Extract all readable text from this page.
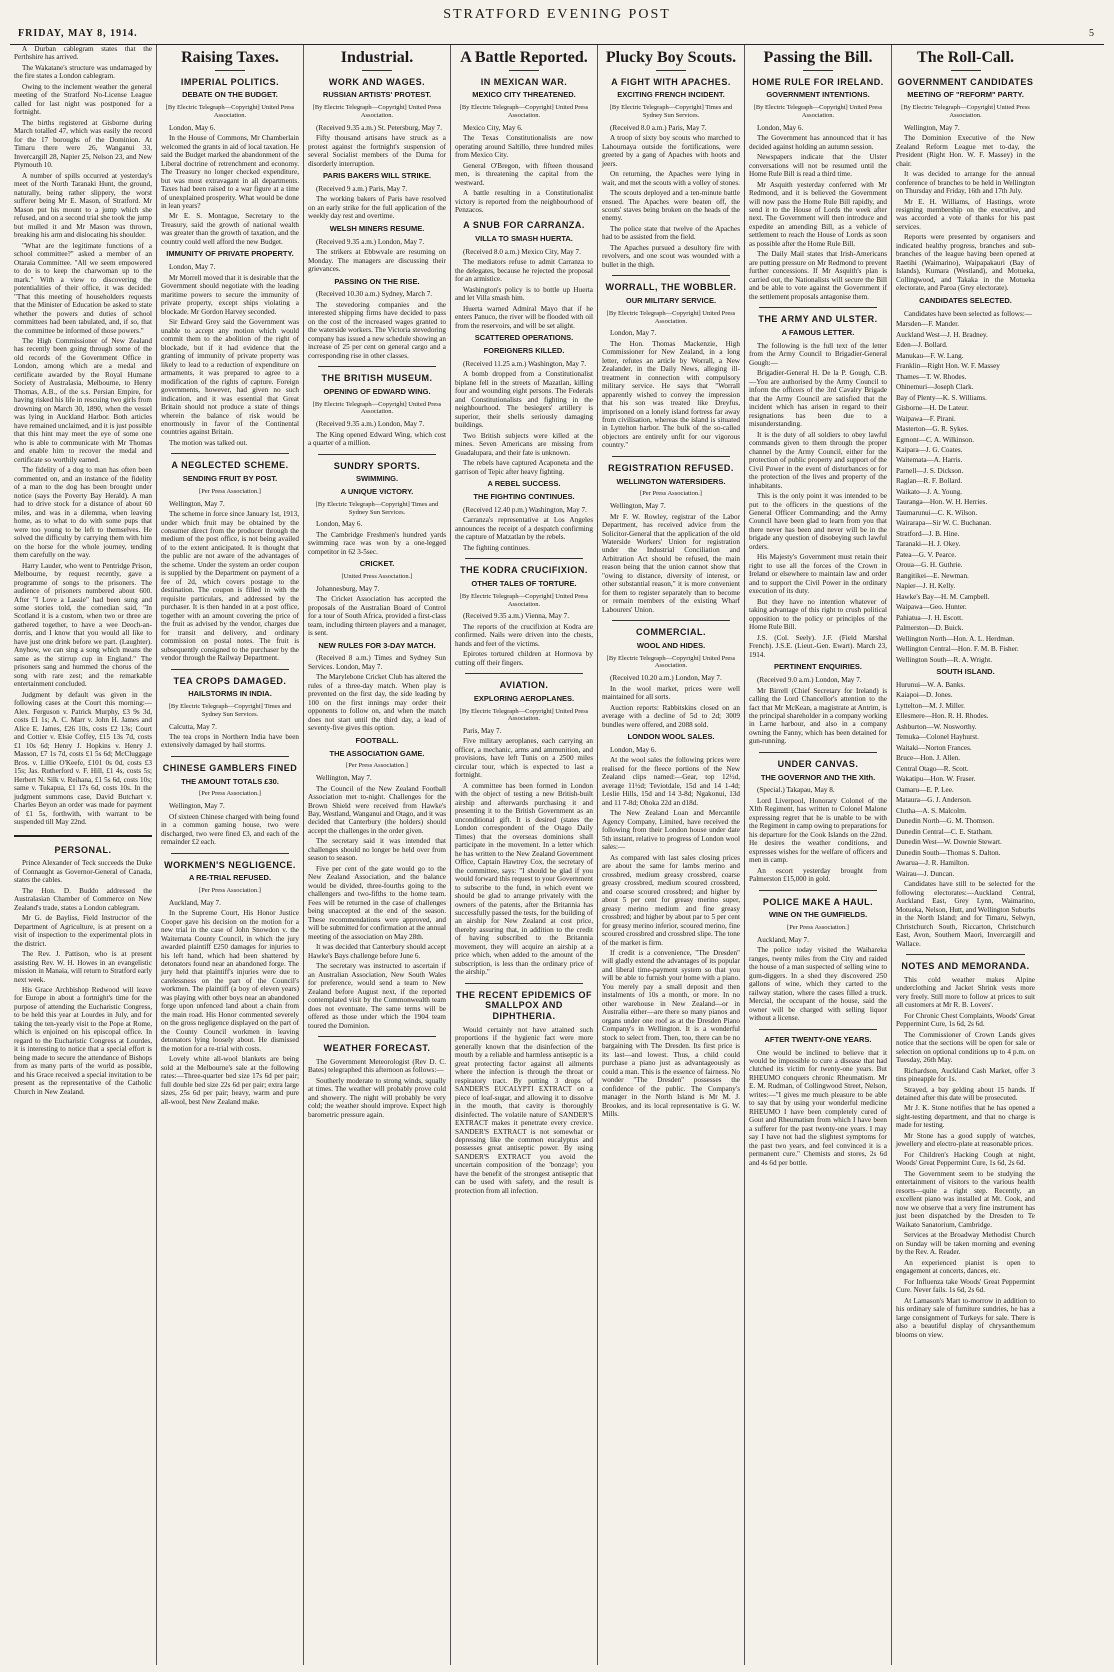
FRIDAY, MAY 8, 1914.
STRATFORD EVENING POST
5

A Durban cablegram states that the Perthshire has arrived.

The Wakatane's structure was undamaged by the fire states a London cablegram.

Owing to the inclement weather the general meeting of the Stratford No-License League called for last night was postponed for a fortnight.

The births registered at Gisborne during March totalled 47, which was easily the record for the 17 boroughs of the Dominion. At Timaru there were 26, Wanganui 33, Invercargill 28, Napier 25, Nelson 23, and New Plymouth 10.

A number of spills occurred at yesterday's meet of the North Taranaki Hunt, the ground, naturally, being rather slippery, the worst sufferer being Mr E. Mason, of Stratford. Mr Mason put his mount to a jump which she refused, and on a second trial she took the jump but mulled it and Mr Mason was thrown, breaking his arm and dislocating his shoulder.

"What are the legitimate functions of a school committee?" asked a member of an Otaraia Committee. "All we seem empowered to do is to keep the charwoman up to the mark." With a view to discovering the potentialities of their office, it was decided: "That this meeting of householders requests that the Minister of Education be asked to state whether the powers and duties of school committees had been tabulated, and, if so, that the committee be informed of those powers."

The High Commissioner of New Zealand has recently been going through some of the old records of the Government Office in London, among which are a medal and certificate awarded by the Royal Humane Society of Australasia, Melbourne, to Henry Thomas, A.B., of the s.s. Persian Empire, for having risked his life in rescuing two girls from drowning on March 30, 1890, when the vessel was lying in Auckland Harbor. Both articles have remained unclaimed, and it is just possible that this hint may meet the eye of some one who is able to communicate with Mr Thomas and enable him to recover the medal and certificate so worthily earned.

The fidelity of a dog to man has often been commented on, and an instance of the fidelity of a man to the dog has been brought under notice (says the Poverty Bay Herald). A man had to drive stock for a distance of about 60 miles, and was in a dilemma, when leaving home, as to what to do with some pups that were too young to be left to themselves. He solved the difficulty by carrying them with him on the horse for the whole journey, tending them carefully on the way.

Harry Lauder, who went to Pentridge Prison, Melbourne, by request recently, gave a programme of songs to the prisoners. The audience of prisoners numbered about 600. After "I Love a Lassie" had been sung and some stories told, the comedian said, "In Scotland it is a custom, when two or three are gathered together, to have a wee Deoch-an-dorris, and I know that you would all like to have just one drink before we part. (Laughter). Anyhow, we can sing a song which means the same as the stirrup cup in England." The prisoners sang and hummed the chorus of the song with rare zest; and the remarkable entertainment concluded.

Judgment by default was given in the following cases at the Court this morning:—Alex. Ferguson v. Patrick Murphy, £3 9s 3d, costs £1 1s; A. C. Marr v. John H. James and Alice E. James, £26 10s, costs £2 13s; Court and Cottier v. Elsie Coffey, £15 13s 7d, costs £1 10s 6d; Henry J. Hopkins v. Henry J. Masson, £7 1s 7d, costs £1 5s 6d; McCluggage Bros. v. Lillie O'Keefe, £101 0s 0d, costs £3 15s; Jas. Rutherford v. F. Hill, £1 4s, costs 5s; Herbert N. Silk v. Reihana, £1 5s 6d, costs 10s; same v. Tukapua, £1 17s 6d, costs 10s. In the judgment summons case, David Butchart v. Charles Beyon an order was made for payment of £1 5s, forthwith, with warrant to be suspended till May 22nd.

PERSONAL.

Prince Alexander of Teck succeeds the Duke of Connaught as Governor-General of Canada, states the cables.

The Hon. D. Buddo addressed the Australasian Chamber of Commerce on New Zealand's trade, states a London cablegram.

Mr G. de Bayliss, Field Instructor of the Department of Agriculture, is at present on a visit of inspection to the experimental plots in the district.

The Rev. J. Pattison, who is at present assisting Rev. W. H. Howes in an evangelistic mission in Manaia, will return to Stratford early next week.

His Grace Archbishop Redwood will leave for Europe in about a fortnight's time for the purpose of attending the Eucharistic Congress, to be held this year at Lourdes in July, and for taking the ten-yearly visit to the Pope at Rome, which is enjoined on his episcopal office. In regard to the Eucharistic Congress at Lourdes, it is interesting to notice that a special effort is being made to secure the attendance of Bishops from as many parts of the world as possible, and his Grace received a special invitation to be present as the representative of the Catholic Church in New Zealand.

Raising Taxes.
IMPERIAL POLITICS.
DEBATE ON THE BUDGET.
[By Electric Telegraph—Copyright] United Press Association.

London, May 6.

In the House of Commons, Mr Chamberlain welcomed the grants in aid of local taxation. He said the Budget marked the abandonment of the Liberal doctrine of retrenchment and economy. The Treasury no longer checked expenditure, but was most extravagant in all departments. Taxes had been raised to a war figure at a time of unexplained prosperity. What would be done in lean years?

Mr E. S. Montague, Secretary to the Treasury, said the growth of national wealth was greater than the growth of taxation, and the country could well afford the new Budget.

IMMUNITY OF PRIVATE PROPERTY.

London, May 7.

Mr Morrell moved that it is desirable that the Government should negotiate with the leading maritime powers to secure the immunity of private property, except ships violating a blockade. Mr Gordon Harvey seconded.

Sir Edward Grey said the Government was unable to accept any motion which would commit them to the abolition of the right of blockade, but if it had evidence that the granting of immunity of private property was likely to lead to a reduction of expenditure on armaments, it was prepared to agree to a modification of the rights of capture. Foreign governments, however, had given no such indication, and it was essential that Great Britain should not produce a state of things wherein the balance of risk would be enormously in favor of the Continental countries against Britain.

The motion was talked out.

A NEGLECTED SCHEME.
SENDING FRUIT BY POST.
[Per Press Association.]

Wellington, May 7.

The scheme in force since January 1st, 1913, under which fruit may be obtained by the consumer direct from the producer through the medium of the post office, is not being availed of to the extent anticipated. It is thought that the public are not aware of the advantages of the scheme. Under the system an order coupon is supplied by the Department on payment of a fee of 2d, which covers postage to the destination. The coupon is filled in with the requisite particulars, and addressed by the purchaser. It is then handed in at a post office, together with an amount covering the price of the fruit as advised by the vendor, charges due for transit and delivery, and ordinary commission on postal notes. The fruit is subsequently consigned to the purchaser by the vendor through the Railway Department.

TEA CROPS DAMAGED.
HAILSTORMS IN INDIA.
[By Electric Telegraph—Copyright] Times and Sydney Sun Services.

Calcutta, May 7.

The tea crops in Northern India have been extensively damaged by hail storms.

CHINESE GAMBLERS FINED
THE AMOUNT TOTALS £30.
[Per Press Association.]

Wellington, May 7.

Of sixteen Chinese charged with being found in a common gaming house, two were discharged, two were fined £3, and each of the remainder £2 each.

WORKMEN'S NEGLIGENCE.
A RE-TRIAL REFUSED.
[Per Press Association.]

Auckland, May 7.

In the Supreme Court, His Honor Justice Cooper gave his decision on the motion for a new trial in the case of John Snowdon v. the Waitemata County Council, in which the jury awarded plaintiff £250 damages for injuries to his left hand, which had been shattered by detonators found near an abandoned forge. The jury held that plaintiff's injuries were due to carelessness on the part of the Council's workmen. The plaintiff (a boy of eleven years) was playing with other boys near an abandoned forge upon unfenced land about a chain from the main road. His Honor commented severely on the gross negligence displayed on the part of the County Council workmen in leaving detonators lying loosely about. He dismissed the motion for a re-trial with costs.

Lovely white all-wool blankets are being sold at the Melbourne's sale at the following rates:—Three-quarter bed size 17s 6d per pair; full double bed size 22s 6d per pair; extra large sizes, 25s 6d per pair; heavy, warm and pure all-wool, best New Zealand make.

Industrial.
WORK AND WAGES.
RUSSIAN ARTISTS' PROTEST.
[By Electric Telegraph—Copyright] United Press Association.

(Received 9.35 a.m.) St. Petersburg, May 7.

Fifty thousand artisans have struck as a protest against the fortnight's suspension of several Socialist members of the Duma for disorderly interruption.

PARIS BAKERS WILL STRIKE.

(Received 9 a.m.) Paris, May 7.

The working bakers of Paris have resolved on an early strike for the full application of the weekly day rest and overtime.

WELSH MINERS RESUME.

(Received 9.35 a.m.) London, May 7.

The strikers at Ebbwvale are resuming on Monday. The managers are discussing their grievances.

PASSING ON THE RISE.

(Received 10.30 a.m.) Sydney, March 7.

The stevedoring companies and the interested shipping firms have decided to pass on the cost of the increased wages granted to the waterside workers. The Victoria stevedoring company has issued a new schedule showing an increase of 25 per cent on general cargo and a corresponding rise in other classes.

THE BRITISH MUSEUM.
OPENING OF EDWARD WING.
[By Electric Telegraph—Copyright] United Press Association.

(Received 9.35 a.m.) London, May 7.

The King opened Edward Wing, which cost a quarter of a million.

SUNDRY SPORTS.
SWIMMING.
A UNIQUE VICTORY.
[By Electric Telegraph—Copyright] Times and Sydney Sun Services.

London, May 6.

The Cambridge Freshmen's hundred yards swimming race was won by a one-legged competitor in 62 3-5sec.

CRICKET.
[United Press Association.]

Johannesburg, May 7.

The Cricket Association has accepted the proposals of the Australian Board of Control for a tour of South Africa, provided a first-class team, including thirteen players and a manager, is sent.

NEW RULES FOR 3-DAY MATCH.

(Received 8 a.m.) Times and Sydney Sun Services. London, May 7.

The Marylebone Cricket Club has altered the rules of a three-day match. When play is prevented on the first day, the side leading by 100 on the first innings may order their opponents to follow on, and when the match does not start until the third day, a lead of seventy-five gives this option.

FOOTBALL.
THE ASSOCIATION GAME.
[Per Press Association.]

Wellington, May 7.

The Council of the New Zealand Football Association met to-night. Challenges for the Brown Shield were received from Hawke's Bay, Westland, Wanganui and Otago, and it was decided that Canterbury (the holders) should accept the challenges in the order given.

The secretary said it was intended that challenges should no longer be held over from season to season.

Five per cent of the gate would go to the New Zealand Association, and the balance would be divided, three-fourths going to the challengers and two-fifths to the home team. Fees will be returned in the case of challenges being unaccepted at the end of the season. These recommendations were approved, and will be submitted for confirmation at the annual meeting of the association on May 28th.

It was decided that Canterbury should accept Hawke's Bays challenge before June 6.

The secretary was instructed to ascertain if an Australian Association, New South Wales for preference, would send a team to New Zealand before August next, if the reported contemplated visit by the Commonwealth team does not eventuate. The same terms will be offered as those under which the 1904 team toured the Dominion.

WEATHER FORECAST.

The Government Meteorologist (Rev D. C. Bates) telegraphed this afternoon as follows:—

Southerly moderate to strong winds, squally at times. The weather will probably prove cold and showery. The night will probably be very cold; the weather should improve. Expect high barometric pressure again.

A Battle Reported.
IN MEXICAN WAR.
MEXICO CITY THREATENED.
[By Electric Telegraph—Copyright] United Press Association.

Mexico City, May 6.

The Texas Constitutionalists are now operating around Saltillo, three hundred miles from Mexico City.

General O'Bregon, with fifteen thousand men, is threatening the capital from the westward.

A battle resulting in a Constitutionalist victory is reported from the neighbourhood of Penzacos.

A SNUB FOR CARRANZA.
VILLA TO SMASH HUERTA.

(Received 8.0 a.m.) Mexico City, May 7.

The mediators refuse to admit Carranza to the delegates, because he rejected the proposal for an armistice.

Washington's policy is to bottle up Huerta and let Villa smash him.

Huerta warned Admiral Mayo that if he enters Panuco, the river will be flooded with oil from the reservoirs, and will be set alight.

SCATTERED OPERATIONS.
FOREIGNERS KILLED.

(Received 11.25 a.m.) Washington, May 7.

A bomb dropped from a Constitutionalist biplane fell in the streets of Mazatlan, killing four and wounding eight persons. The Federals and Constitutionalists and fighting in the neighbourhood. The besiegers' artillery is superior, their shells seriously damaging buildings.

Two British subjects were killed at the mines. Seven Americans are missing from Guadalupara, and their fate is unknown.

The rebels have captured Acaponeta and the garrison of Tepic after heavy fighting.

A REBEL SUCCESS.
THE FIGHTING CONTINUES.

(Received 12.40 p.m.) Washington, May 7.

Carranza's representative at Los Angeles announces the receipt of a despatch confirming the capture of Matzatlan by the rebels.

The fighting continues.

THE KODRA CRUCIFIXION.
OTHER TALES OF TORTURE.
[By Electric Telegraph—Copyright] United Press Association.

(Received 9.35 a.m.) Vienna, May 7.

The reports of the crucifixion at Kodra are confirmed. Nails were driven into the chests, hands and feet of the victims.

Epirotes tortured children at Hormova by cutting off their fingers.

AVIATION.
EXPLORING AEROPLANES.
[By Electric Telegraph—Copyright] United Press Association.

Paris, May 7.

Five military aeroplanes, each carrying an officer, a mechanic, arms and ammunition, and provisions, have left Tunis on a 2500 miles circular tour, which is expected to last a fortnight.

A committee has been formed in London with the object of testing a new British-built airship and afterwards purchasing it and presenting it to the British Government as an unconditional gift. It is desired (states the London correspondent of the Otago Daily Times) that the overseas dominions shall participate in the movement. In a letter which he has written to the New Zealand Government Office, Captain Hawtrey Cox, the secretary of the committee, says: "I should be glad if you would forward this request to your Government to subscribe to the fund, in which event we should be glad to arrange privately with the owners of the patents, after the Britannia has successfully passed the tests, for the building of an airship for New Zealand at cost price, thereby assuring that, in addition to the credit of having subscribed to the Britannia movement, they will acquire an airship at a price which, when added to the amount of the subscription, is less than the ordinary price of the airship."

THE RECENT EPIDEMICS OF SMALLPOX AND DIPHTHERIA.

Would certainly not have attained such proportions if the hygienic fact were more generally known that the disinfection of the mouth by a reliable and harmless antiseptic is a great protecting factor against all ailments where the infection is through the throat or respiratory tract. By putting 3 drops of SANDER'S EUCALYPTI EXTRACT on a piece of loaf-sugar, and allowing it to dissolve in the mouth, that cavity is thoroughly disinfected. The volatile nature of SANDER'S EXTRACT makes it penetrate every crevice. SANDER'S EXTRACT is not somewhat or depressing like the common eucalyptus and possesses great antiseptic power. By using SANDER'S EXTRACT you avoid the uncertain composition of the 'bonzage'; you have the benefit of the strongest antiseptic that can be used with safety, and the result is protection from all infection.

Plucky Boy Scouts.
A FIGHT WITH APACHES.
EXCITING FRENCH INCIDENT.
[By Electric Telegraph—Copyright] Times and Sydney Sun Services.

(Received 8.0 a.m.) Paris, May 7.

A troop of sixty boy scouts who marched to Lahournaya outside the fortifications, were greeted by a gang of Apaches with hoots and jeers.

On returning, the Apaches were lying in wait, and met the scouts with a volley of stones.

The scouts deployed and a ten-minute battle ensued. The Apaches were beaten off, the scouts' staves being broken on the heads of the enemy.

The police state that twelve of the Apaches had to be assisted from the field.

The Apaches pursued a desultory fire with revolvers, and one scout was wounded with a bullet in the thigh.

WORRALL, THE WOBBLER.
OUR MILITARY SERVICE.
[By Electric Telegraph—Copyright] United Press Association.

London, May 7.

The Hon. Thomas Mackenzie, High Commissioner for New Zealand, in a long letter, refutes an article by Worrall, a New Zealander, in the Daily News, alleging ill-treatment in connection with compulsory military service. He says that "Worrall apparently wished to convey the impression that his son was treated like Dreyfus, imprisoned on a lonely island fortress far away from civilisation, whereas the island is situated in Lyttelton harbor. The bulk of the so-called objectors are entirely unfit for our vigorous country."

REGISTRATION REFUSED.
WELLINGTON WATERSIDERS.
[Per Press Association.]

Wellington, May 7.

Mr F. W. Rowley, registrar of the Labor Department, has received advice from the Solicitor-General that the application of the old Waterside Workers' Union for registration under the Industrial Conciliation and Arbitration Act should be refused, the main reason being that the union cannot show that "owing to distance, diversity of interest, or other substantial reason," it is more convenient for them to register separately than to become or remain members of the existing Wharf Labourers' Union.

COMMERCIAL.
WOOL AND HIDES.
[By Electric Telegraph—Copyright] United Press Association.

(Received 10.20 a.m.) London, May 7.

In the wool market, prices were well maintained for all sorts.

Auction reports: Rabbitskins closed on an average with a decline of 5d to 2d; 3009 bundles were offered, and 2088 sold.

LONDON WOOL SALES.

London, May 6.

At the wool sales the following prices were realised for the fleece portions of the New Zealand clips named:—Gear, top 12½d, average 11½d; Teviotdale, 15d and 14 1-4d; Leslie Hills, 15d and 14 3-8d; Ngakonui, 13d and 11 7-8d; Ohoka 22d an d18d.

The New Zealand Loan and Mercantile Agency Company, Limited, have received the following from their London house under date 5th instant, relative to progress of London wool sales:—

As compared with last sales closing prices are about the same for lambs merino and crossbred, medium greasy crossbred, coarse greasy crossbred, medium scoured crossbred, and coarse scoured crossbred; and higher by about 5 per cent for greasy merino super, greasy merino medium and fine greasy crossbred; and higher by about par to 5 per cent for greasy merino inferior, scoured merino, fine scoured crossbred and crossbred slipe. The tone of the market is firm.

If credit is a convenience, "The Dresden" will gladly extend the advantages of its popular and liberal time-payment system so that you will be able to furnish your home with a piano. You merely pay a small deposit and then instalments of 10s a month, or more. In no other warehouse in New Zealand—or in Australia either—are there so many pianos and organs under one roof as at the Dresden Piano Company's in Wellington. It is a wonderful stock to select from. Then, too, there can be no bargaining with The Dresden. Its first price is its last—and lowest. Thus, a child could purchase a piano just as advantageously as could a man. This is the essence of fairness. No wonder "The Dresden" possesses the confidence of the public. The Company's manager in the North Island is Mr M. J. Brookes, and its local representative is G. W. Mills.

Passing the Bill.
HOME RULE FOR IRELAND.
GOVERNMENT INTENTIONS.
[By Electric Telegraph—Copyright] United Press Association.

London, May 6.

The Government has announced that it has decided against holding an autumn session.

Newspapers indicate that the Ulster conversations will not be resumed until the Home Rule Bill is read a third time.

Mr Asquith yesterday conferred with Mr Redmond, and it is believed the Government will now pass the Home Rule Bill rapidly, and send it to the House of Lords the week after next. The Government will then introduce and expedite an amending Bill, as a vehicle of settlement to reach the House of Lords as soon as possible after the Home Rule Bill.

The Daily Mail states that Irish-Americans are putting pressure on Mr Redmond to prevent further concessions. If Mr Asquith's plan is carried out, the Nationalists will secure the Bill and be able to vote against the Government if the settlement proposals antagonise them.

THE ARMY AND ULSTER.
A FAMOUS LETTER.

The following is the full text of the letter from the Army Council to Brigadier-General Gough:—

Brigadier-General H. De la P. Gough, C.B.—You are authorised by the Army Council to inform the officers of the 3rd Cavalry Brigade that the Army Council are satisfied that the incident which has arisen in regard to their resignations has been due to a misunderstanding.

It is the duty of all soldiers to obey lawful commands given to them through the proper channel by the Army Council, either for the protection of public property and support of the Civil Power in the event of disturbances or for the protection of the lives and property of the inhabitants.

This is the only point it was intended to be put to the officers in the questions of the General Officer Commanding; and the Army Council have been glad to learn from you that there never has been and never will be in the brigade any question of disobeying such lawful orders.

His Majesty's Government must retain their right to use all the forces of the Crown in Ireland or elsewhere to maintain law and order and to support the Civil Power in the ordinary execution of its duty.

But they have no intention whatever of taking advantage of this right to crush political opposition to the policy or principles of the Home Rule Bill.

J.S. (Col. Seely). J.F. (Field Marshal French). J.S.E. (Lieut.-Gen. Ewart). March 23, 1914.

PERTINENT ENQUIRIES.

(Received 9.0 a.m.) London, May 7.

Mr Birrell (Chief Secretary for Ireland) is calling the Lord Chancellor's attention to the fact that Mr McKean, a magistrate at Antrim, is the principal shareholder in a company working in Larne harbour, and also in a company owning the Fanny, which has been detained for gun-running.

UNDER CANVAS.
THE GOVERNOR AND THE XIth.

(Special.) Takapau, May 8.

Lord Liverpool, Honorary Colonel of the XIth Regiment, has written to Colonel Malone expressing regret that he is unable to be with the Regiment in camp owing to preparations for his departure for the Cook Islands on the 22nd. He desires the weather conditions, and expresses wishes for the welfare of officers and men in camp.

An escort yesterday brought from Palmerston £15,000 in gold.

POLICE MAKE A HAUL.
WINE ON THE GUMFIELDS.
[Per Press Association.]

Auckland, May 7.

The police today visited the Waihareka ranges, twenty miles from the City and raided the house of a man suspected of selling wine to gum-diggers. In a shed they discovered 250 gallons of wine, which they carted to the railway station, where the cases filled a truck. Mercial, the occupant of the house, said the owner will be charged with selling liquor without a license.

AFTER TWENTY-ONE YEARS.

One would be inclined to believe that it would be impossible to cure a disease that had clutched its victim for twenty-one years. But RHEUMO conquers chronic Rheumatism. Mr E. M. Rudman, of Collingwood Street, Nelson, writes:—"I gives me much pleasure to be able to say that by using your wonderful medicine RHEUMO I have been completely cured of Gout and Rheumatism from which I have been a sufferer for the past twenty-one years. I may say I have not had the slightest symptoms for the past two years, and feel convinced it is a permanent cure." Chemists and stores, 2s 6d and 4s 6d per bottle.

The Roll-Call.
GOVERNMENT CANDIDATES
MEETING OF "REFORM" PARTY.
[By Electric Telegraph—Copyright] United Press Association.

Wellington, May 7.

The Dominion Executive of the New Zealand Reform League met to-day, the President (Right Hon. W. F. Massey) in the chair.

It was decided to arrange for the annual conference of branches to be held in Wellington on Thursday and Friday, 16th and 17th July.

Mr E. H. Williams, of Hastings, wrote resigning membership on the executive, and was accorded a vote of thanks for his past services.

Reports were presented by organisers and indicated healthy progress, branches and sub-branches of the league having been opened at Raetihi (Waimarino), Waipapakauri (Bay of Islands), Kumara (Westland), and Motueka, Collingwood, and Takaka in the Motueka electorate, and Paroa (Grey electorate).

CANDIDATES SELECTED.

Candidates have been selected as follows:—

Marsden—F. Mander.

Auckland West—J. H. Bradney.

Eden—J. Bollard.

Manukau—F. W. Lang.

Franklin—Right Hon. W. F. Massey

Thames—T. W. Rhodes.

Ohinemuri—Joseph Clark.

Bay of Plenty—K. S. Williams.

Gisborne—H. De Lateur.

Waipawa—F. Pirani.

Masterton—G. R. Sykes.

Egmont—C. A. Wilkinson.

Kaipara—J. G. Coates.

Waitemata—A. Harris.

Parnell—J. S. Dickson.

Raglan—R. F. Bollard.

Waikato—J. A. Young.

Tauranga—Hon. W. H. Herries.

Taumarunui—C. K. Wilson.

Wairarapa—Sir W. C. Buchanan.

Stratford—J. B. Hine.

Taranaki—H. J. Okey.

Patea—G. V. Pearce.

Oroua—G. H. Guthrie.

Rangitikei—E. Newman.

Napier—J. H. Kelly.

Hawke's Bay—H. M. Campbell.

Waipawa—Geo. Hunter.

Pahiatua—J. H. Escott.

Palmerston—D. Buick.

Wellington North—Hon. A. L. Herdman.

Wellington Central—Hon. F. M. B. Fisher.

Wellington South—R. A. Wright.

SOUTH ISLAND.

Hurunui—W. A. Banks.

Kaiapoi—D. Jones.

Lyttelton—M. J. Miller.

Ellesmere—Hon. R. H. Rhodes.

Ashburton—W. Nosworthy.

Temuka—Colonel Hayhurst.

Waitaki—Norton Frances.

Bruce—Hon. J. Allen.

Central Otago—R. Scott.

Wakatipu—Hon. W. Fraser.

Oamaru—E. P. Lee.

Mataura—G. J. Anderson.

Clutha—A. S. Malcolm.

Dunedin North—G. M. Thomson.

Dunedin Central—C. E. Statham.

Dunedin West—W. Downie Stewart.

Dunedin South—Thomas S. Dalton.

Awarua—J. R. Hamilton.

Wairau—J. Duncan.

Candidates have still to be selected for the following electorates:—Auckland Central, Auckland East, Grey Lynn, Waimarino, Motueka, Nelson, Hutt, and Wellington Suburbs in the North Island; and for Timaru, Selwyn, Christchurch South, Riccarton, Christchurch East, Avon, Southern Maori, Invercargill and Wallace.

NOTES AND MEMORANDA.

This cold weather makes Alpine underclothing and Jacket Shrink vests more very freely. Still more to follow at prices to suit all customers at Mr R. B. Lovers'.

For Chronic Chest Complaints, Woods' Great Peppermint Cure, 1s 6d, 2s 6d.

The Commissioner of Crown Lands gives notice that the sections will be open for sale or selection on optional conditions up to 4 p.m. on Tuesday, 26th May.

Richardson, Auckland Cash Market, offer 3 tins pineapple for 1s.

Strayed, a bay gelding about 15 hands. If detained after this date will be prosecuted.

Mr J. K. Stone notifies that he has opened a sight-testing department, and that no charge is made for testing.

Mr Stone has a good supply of watches, jewellery and electro-plate at reasonable prices.

For Children's Hacking Cough at night, Woods' Great Peppermint Cure, 1s 6d, 2s 6d.

The Government seem to be studying the entertainment of visitors to the various health resorts—quite a right step. Recently, an excellent piano was installed at Mt. Cook, and now we observe that a very fine instrument has just been dispatched by the Dresden to Te Waikato Sanatorium, Cambridge.

Services at the Broadway Methodist Church on Sunday will be taken morning and evening by the Rev. A. Reader.

An experienced pianist is open to engagement at concerts, dances, etc.

For Influenza take Woods' Great Peppermint Cure. Never fails. 1s 6d, 2s 6d.

At Lamason's Mart to-morrow in addition to his ordinary sale of furniture sundries, he has a large consignment of Turkeys for sale. There is also a beautiful display of chrysanthemum blooms on view.
